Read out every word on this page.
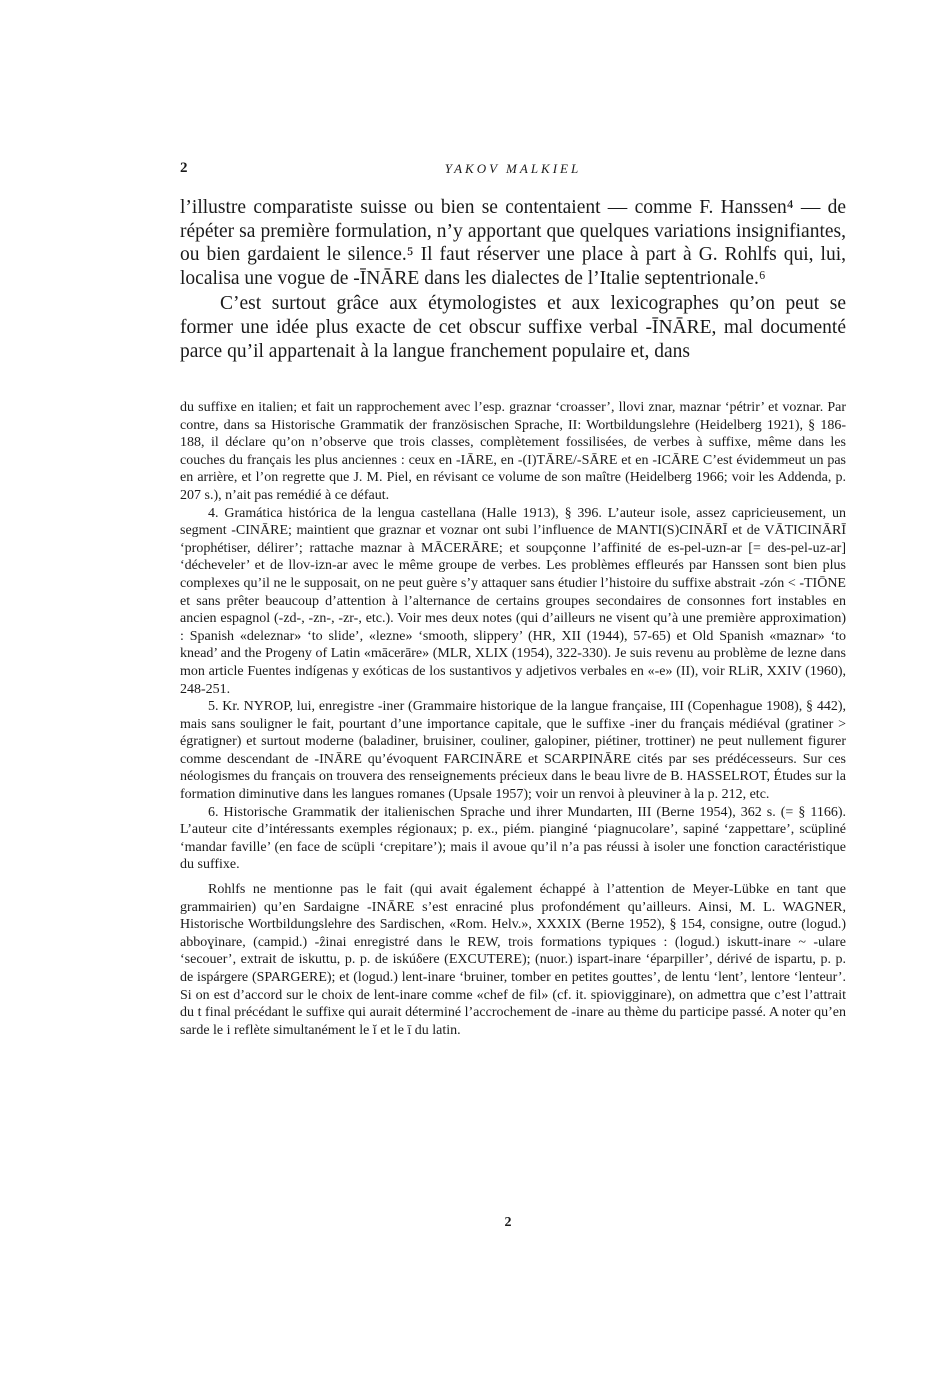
2	YAKOV MALKIEL

l’illustre comparatiste suisse ou bien se contentaient — comme F. Hanssen⁴ — de répéter sa première formulation, n’y apportant que quelques variations insignifiantes, ou bien gardaient le silence.⁵ Il faut réserver une place à part à G. Rohlfs qui, lui, localisa une vogue de -ĪNĀRE dans les dialectes de l’Italie septentrionale.⁶

C’est surtout grâce aux étymologistes et aux lexicographes qu’on peut se former une idée plus exacte de cet obscur suffixe verbal -ĪNĀRE, mal documenté parce qu’il appartenait à la langue franchement populaire et, dans

du suffixe en italien; et fait un rapprochement avec l’esp. graznar ‘croasser’, llovi znar, maznar ‘pétrir’ et voznar. Par contre, dans sa Historische Grammatik der französischen Sprache, II: Wortbildungslehre (Heidelberg 1921), § 186-188, il déclare qu’on n’observe que trois classes, complètement fossilisées, de verbes à suffixe, même dans les couches du français les plus anciennes : ceux en -IĀRE, en -(I)TĀRE/-SĀRE et en -ICĀRE C’est évidemmeut un pas en arrière, et l’on regrette que J. M. Piel, en révisant ce volume de son maître (Heidelberg 1966; voir les Addenda, p. 207 s.), n’ait pas remédié à ce défaut.

4. Gramática histórica de la lengua castellana (Halle 1913), § 396. L’auteur isole, assez capricieusement, un segment -CINĀRE; maintient que graznar et voznar ont subi l’influence de MANTI(S)CINĀRĪ et de VĀTICINĀRĪ ‘prophétiser, délirer’; rattache maznar à MĀCERĀRE; et soupçonne l’affinité de es-pel-uzn-ar [= des-pel-uz-ar] ‘décheveler’ et de llov-izn-ar avec le même groupe de verbes. Les problèmes effleurés par Hanssen sont bien plus complexes qu’il ne le supposait, on ne peut guère s’y attaquer sans étudier l’histoire du suffixe abstrait -zón < -TIŌNE et sans prêter beaucoup d’attention à l’alternance de certains groupes secondaires de consonnes fort instables en ancien espagnol (-zd-, -zn-, -zr-, etc.). Voir mes deux notes (qui d’ailleurs ne visent qu’à une première approximation) : Spanish «deleznar» ‘to slide’, «lezne» ‘smooth, slippery’ (HR, XII (1944), 57-65) et Old Spanish «maznar» ‘to knead’ and the Progeny of Latin «mācerāre» (MLR, XLIX (1954), 322-330). Je suis revenu au problème de lezne dans mon article Fuentes indígenas y exóticas de los sustantivos y adjetivos verbales en «-e» (II), voir RLiR, XXIV (1960), 248-251.

5. Kr. NYROP, lui, enregistre -iner (Grammaire historique de la langue française, III (Copenhague 1908), § 442), mais sans souligner le fait, pourtant d’une importance capitale, que le suffixe -iner du français médiéval (gratiner > égratigner) et surtout moderne (baladiner, bruisiner, couliner, galopiner, piétiner, trottiner) ne peut nullement figurer comme descendant de -INĀRE qu’évoquent FARCINĀRE et SCARPINĀRE cités par ses prédécesseurs. Sur ces néologismes du français on trouvera des renseignements précieux dans le beau livre de B. HASSELROT, Études sur la formation diminutive dans les langues romanes (Upsale 1957); voir un renvoi à pleuviner à la p. 212, etc.

6. Historische Grammatik der italienischen Sprache und ihrer Mundarten, III (Berne 1954), 362 s. (= § 1166). L’auteur cite d’intéressants exemples régionaux; p. ex., piém. pianginé ‘piagnucolare’, sapiné ‘zappettare’, scüpliné ‘mandar faville’ (en face de scüpli ‘crepitare’); mais il avoue qu’il n’a pas réussi à isoler une fonction caractéristique du suffixe.

Rohlfs ne mentionne pas le fait (qui avait également échappé à l’attention de Meyer-Lübke en tant que grammairien) qu’en Sardaigne -INĀRE s’est enraciné plus profondément qu’ailleurs. Ainsi, M. L. WAGNER, Historische Wortbildungslehre des Sardischen, «Rom. Helv.», XXXIX (Berne 1952), § 154, consigne, outre (logud.) abboɣinare, (campid.) -ẑinai enregistré dans le REW, trois formations typiques : (logud.) iskutt-inare ~ -ulare ‘secouer’, extrait de iskuttu, p. p. de iskúδere (EXCUTERE); (nuor.) ispart-inare ‘éparpiller’, dérivé de ispartu, p. p. de ispárgere (SPARGERE); et (logud.) lent-inare ‘bruiner, tomber en petites gouttes’, de lentu ‘lent’, lentore ‘lenteur’. Si on est d’accord sur le choix de lent-inare comme «chef de fil» (cf. it. spiovigginare), on admettra que c’est l’attrait du t final précédant le suffixe qui aurait déterminé l’accrochement de -inare au thème du participe passé. A noter qu’en sarde le i reflète simultanément le ĭ et le ī du latin.

2
